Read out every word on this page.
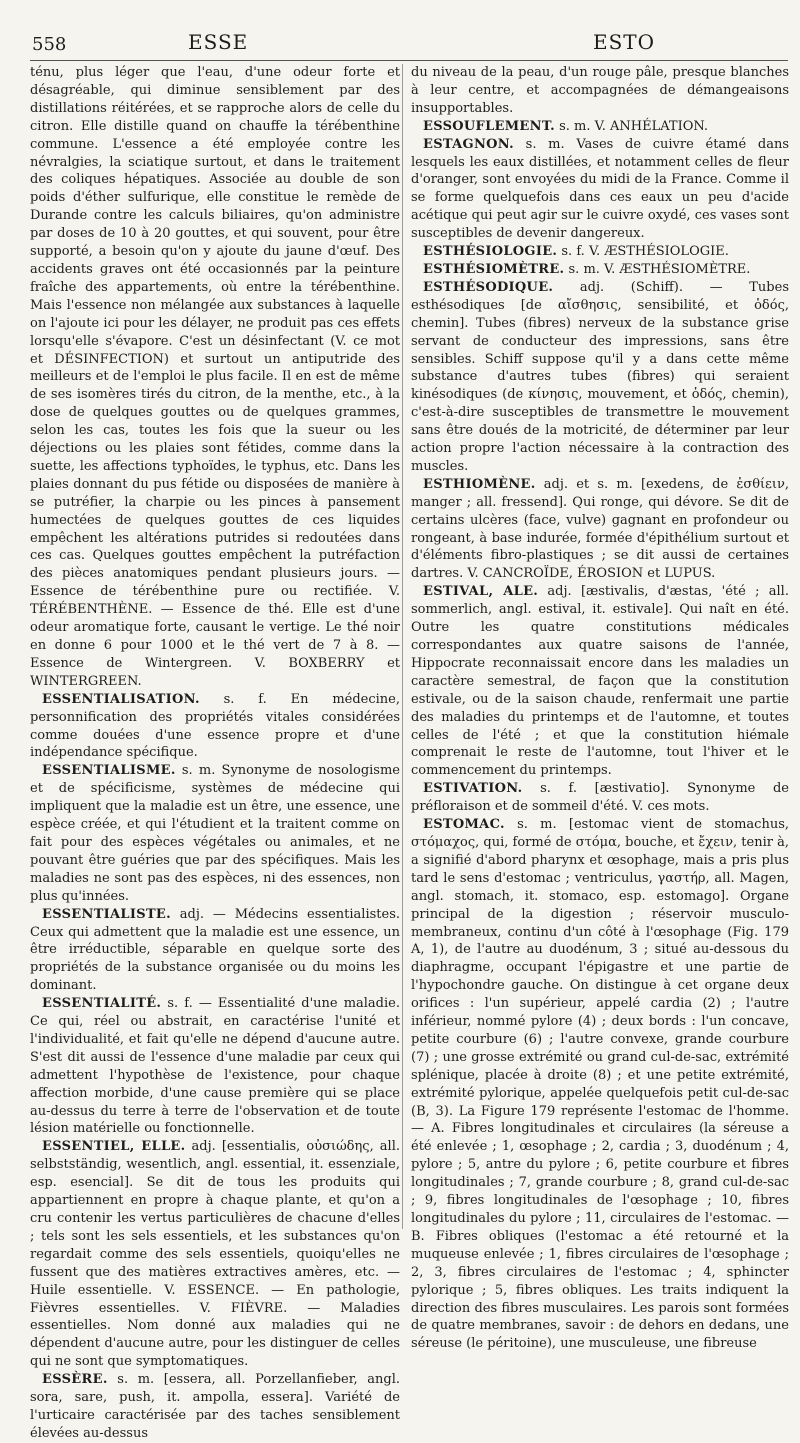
558	ESSE	ESTO

ténu, plus léger que l'eau, d'une odeur forte et désagréable, qui diminue sensiblement par des distillations réitérées, et se rapproche alors de celle du citron. Elle distille quand on chauffe la térébenthine commune. L'essence a été employée contre les névralgies, la sciatique surtout, et dans le traitement des coliques hépatiques. Associée au double de son poids d'éther sulfurique, elle constitue le remède de Durande contre les calculs biliaires, qu'on administre par doses de 10 à 20 gouttes, et qui souvent, pour être supporté, a besoin qu'on y ajoute du jaune d'œuf. Des accidents graves ont été occasionnés par la peinture fraîche des appartements, où entre la térébenthine. Mais l'essence non mélangée aux substances à laquelle on l'ajoute ici pour les délayer, ne produit pas ces effets lorsqu'elle s'évapore. C'est un désinfectant (V. ce mot et DÉSINFECTION) et surtout un antiputride des meilleurs et de l'emploi le plus facile. Il en est de même de ses isomères tirés du citron, de la menthe, etc., à la dose de quelques gouttes ou de quelques grammes, selon les cas, toutes les fois que la sueur ou les déjections ou les plaies sont fétides, comme dans la suette, les affections typhoïdes, le typhus, etc. Dans les plaies donnant du pus fétide ou disposées de manière à se putréfier, la charpie ou les pinces à pansement humectées de quelques gouttes de ces liquides empêchent les altérations putrides si redoutées dans ces cas. Quelques gouttes empêchent la putréfaction des pièces anatomiques pendant plusieurs jours. — Essence de térébenthine pure ou rectifiée. V. TÉRÉBENTHÈNE. — Essence de thé. Elle est d'une odeur aromatique forte, causant le vertige. Le thé noir en donne 6 pour 1000 et le thé vert de 7 à 8. — Essence de Wintergreen. V. BOXBERRY et WINTERGREEN.

ESSENTIALISATION. s. f. En médecine, personnification des propriétés vitales considérées comme douées d'une essence propre et d'une indépendance spécifique.

ESSENTIALISME. s. m. Synonyme de nosologisme et de spécificisme, systèmes de médecine qui impliquent que la maladie est un être, une essence, une espèce créée, et qui l'étudient et la traitent comme on fait pour des espèces végétales ou animales, et ne pouvant être guéries que par des spécifiques. Mais les maladies ne sont pas des espèces, ni des essences, non plus qu'innées.

ESSENTIALISTE. adj. — Médecins essentialistes. Ceux qui admettent que la maladie est une essence, un être irréductible, séparable en quelque sorte des propriétés de la substance organisée ou du moins les dominant.

ESSENTIALITÉ. s. f. — Essentialité d'une maladie. Ce qui, réel ou abstrait, en caractérise l'unité et l'individualité, et fait qu'elle ne dépend d'aucune autre. S'est dit aussi de l'essence d'une maladie par ceux qui admettent l'hypothèse de l'existence, pour chaque affection morbide, d'une cause première qui se place au-dessus du terre à terre de l'observation et de toute lésion matérielle ou fonctionnelle.

ESSENTIEL, ELLE. adj. [essentialis, οὐσιώδης, all. selbstständig, wesentlich, angl. essential, it. essenziale, esp. esencial]. Se dit de tous les produits qui appartiennent en propre à chaque plante, et qu'on a cru contenir les vertus particulières de chacune d'elles ; tels sont les sels essentiels, et les substances qu'on regardait comme des sels essentiels, quoiqu'elles ne fussent que des matières extractives amères, etc. — Huile essentielle. V. ESSENCE. — En pathologie, Fièvres essentielles. V. FIÈVRE. — Maladies essentielles. Nom donné aux maladies qui ne dépendent d'aucune autre, pour les distinguer de celles qui ne sont que symptomatiques.

ESSÈRE. s. m. [essera, all. Porzellanfieber, angl. sora, sare, push, it. ampolla, essera]. Variété de l'urticaire caractérisée par des taches sensiblement élevées au-dessus

du niveau de la peau, d'un rouge pâle, presque blanches à leur centre, et accompagnées de démangeaisons insupportables.

ESSOUFLEMENT. s. m. V. ANHÉLATION.

ESTAGNON. s. m. Vases de cuivre étamé dans lesquels les eaux distillées, et notamment celles de fleur d'oranger, sont envoyées du midi de la France. Comme il se forme quelquefois dans ces eaux un peu d'acide acétique qui peut agir sur le cuivre oxydé, ces vases sont susceptibles de devenir dangereux.

ESTHÉSIOLOGIE. s. f. V. ÆSTHÉSIOLOGIE.

ESTHÉSIOMÈTRE. s. m. V. ÆSTHÉSIOMÈTRE.

ESTHÉSODIQUE. adj. (Schiff). — Tubes esthésodiques [de αἴσθησις, sensibilité, et ὁδός, chemin]. Tubes (fibres) nerveux de la substance grise servant de conducteur des impressions, sans être sensibles. Schiff suppose qu'il y a dans cette même substance d'autres tubes (fibres) qui seraient kinésodiques (de κίνησις, mouvement, et ὁδός, chemin), c'est-à-dire susceptibles de transmettre le mouvement sans être doués de la motricité, de déterminer par leur action propre l'action nécessaire à la contraction des muscles.

ESTHIOMÈNE. adj. et s. m. [exedens, de ἐσθίειν, manger ; all. fressend]. Qui ronge, qui dévore. Se dit de certains ulcères (face, vulve) gagnant en profondeur ou rongeant, à base indurée, formée d'épithélium surtout et d'éléments fibro-plastiques ; se dit aussi de certaines dartres. V. CANCROÏDE, ÉROSION et LUPUS.

ESTIVAL, ALE. adj. [æstivalis, d'æstas, 'été ; all. sommerlich, angl. estival, it. estivale]. Qui naît en été. Outre les quatre constitutions médicales correspondantes aux quatre saisons de l'année, Hippocrate reconnaissait encore dans les maladies un caractère semestral, de façon que la constitution estivale, ou de la saison chaude, renfermait une partie des maladies du printemps et de l'automne, et toutes celles de l'été ; et que la constitution hiémale comprenait le reste de l'automne, tout l'hiver et le commencement du printemps.

ESTIVATION. s. f. [æstivatio]. Synonyme de préfloraison et de sommeil d'été. V. ces mots.

ESTOMAC. s. m. [estomac vient de stomachus, στόμαχος, qui, formé de στόμα, bouche, et ἔχειν, tenir à, a signifié d'abord pharynx et œsophage, mais a pris plus tard le sens d'estomac ; ventriculus, γαστήρ, all. Magen, angl. stomach, it. stomaco, esp. estomago]. Organe principal de la digestion ; réservoir musculo-membraneux, continu d'un côté à l'œsophage (Fig. 179 A, 1), de l'autre au duodénum, 3 ; situé au-dessous du diaphragme, occupant l'épigastre et une partie de l'hypochondre gauche. On distingue à cet organe deux orifices : l'un supérieur, appelé cardia (2) ; l'autre inférieur, nommé pylore (4) ; deux bords : l'un concave, petite courbure (6) ; l'autre convexe, grande courbure (7) ; une grosse extrémité ou grand cul-de-sac, extrémité splénique, placée à droite (8) ; et une petite extrémité, extrémité pylorique, appelée quelquefois petit cul-de-sac (B, 3). La Figure 179 représente l'estomac de l'homme. — A. Fibres longitudinales et circulaires (la séreuse a été enlevée ; 1, œsophage ; 2, cardia ; 3, duodénum ; 4, pylore ; 5, antre du pylore ; 6, petite courbure et fibres longitudinales ; 7, grande courbure ; 8, grand cul-de-sac ; 9, fibres longitudinales de l'œsophage ; 10, fibres longitudinales du pylore ; 11, circulaires de l'estomac. — B. Fibres obliques (l'estomac a été retourné et la muqueuse enlevée ; 1, fibres circulaires de l'œsophage ; 2, 3, fibres circulaires de l'estomac ; 4, sphincter pylorique ; 5, fibres obliques. Les traits indiquent la direction des fibres musculaires. Les parois sont formées de quatre membranes, savoir : de dehors en dedans, une séreuse (le péritoine), une musculeuse, une fibreuse
